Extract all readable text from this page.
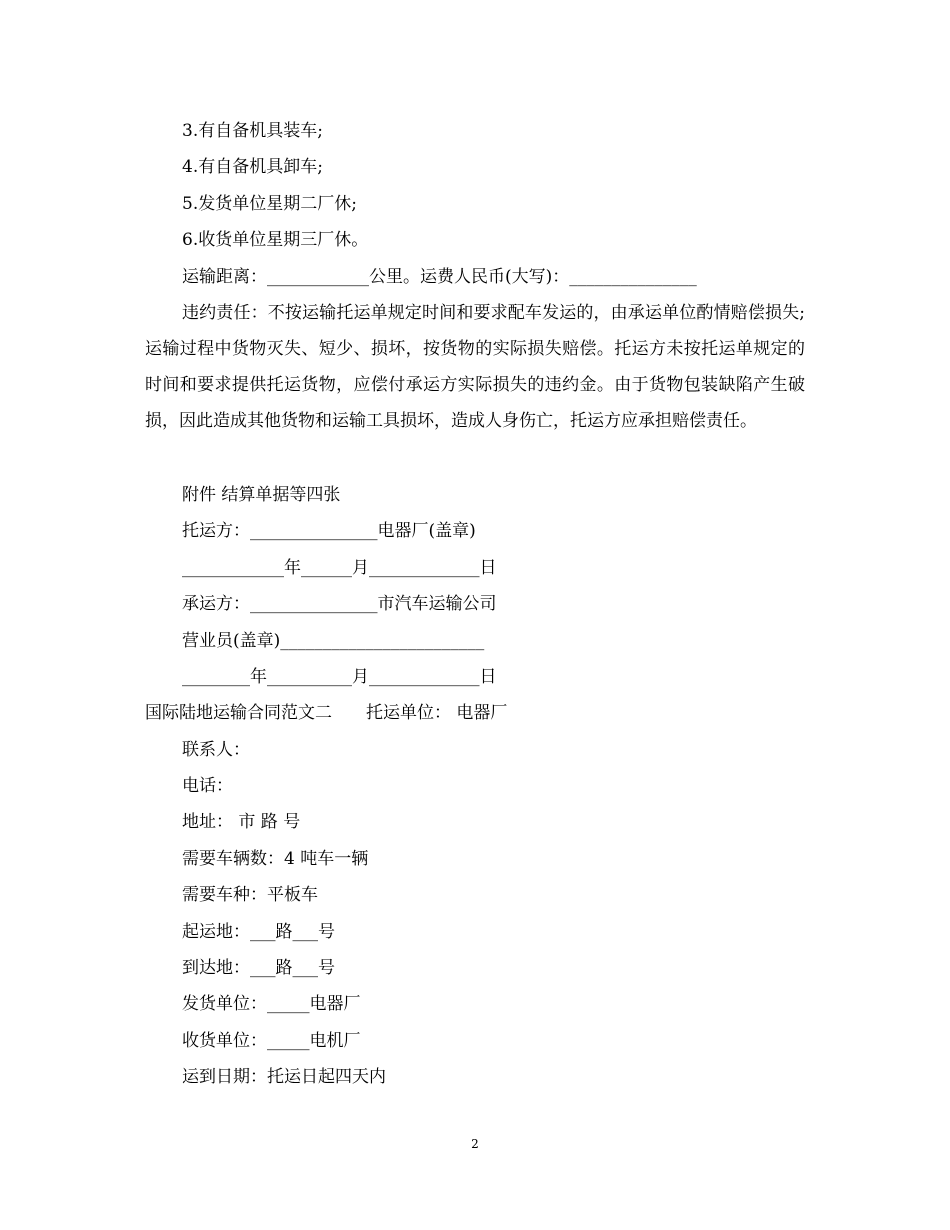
3.有自备机具装车;
4.有自备机具卸车;
5.发货单位星期二厂休;
6.收货单位星期三厂休。
运输距离：____________公里。运费人民币(大写)：_______________
违约责任：不按运输托运单规定时间和要求配车发运的，由承运单位酌情赔偿损失;运输过程中货物灭失、短少、损坏，按货物的实际损失赔偿。托运方未按托运单规定的时间和要求提供托运货物，应偿付承运方实际损失的违约金。由于货物包装缺陷产生破损，因此造成其他货物和运输工具损坏，造成人身伤亡，托运方应承担赔偿责任。
附件 结算单据等四张
托运方：_______________电器厂(盖章)
____________年______月_____________日
承运方：_______________市汽车运输公司
营业员(盖章)________________________
________年__________月_____________日
国际陆地运输合同范文二　　托运单位： 电器厂
联系人：
电话：
地址： 市 路 号
需要车辆数：4 吨车一辆
需要车种：平板车
起运地：___路___号
到达地：___路___号
发货单位：_____电器厂
收货单位：_____电机厂
运到日期：托运日起四天内
2
